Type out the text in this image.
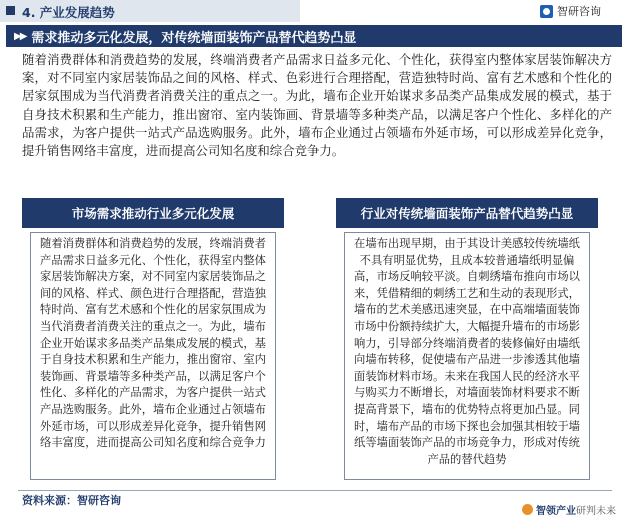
4. 产业发展趋势	智研咨询
▶▶ 需求推动多元化发展，对传统墙面装饰产品替代趋势凸显

随着消费群体和消费趋势的发展，终端消费者产品需求日益多元化、个性化，获得室内整体家居装饰解决方案，对不同室内家居装饰品之间的风格、样式、色彩进行合理搭配，营造独特时尚、富有艺术感和个性化的居家氛围成为当代消费者消费关注的重点之一。为此，墙布企业开始谋求多品类产品集成发展的模式，基于自身技术积累和生产能力，推出窗帘、室内装饰画、背景墙等多种类产品，以满足客户个性化、多样化的产品需求，为客户提供一站式产品选购服务。此外，墙布企业通过占领墙布外延市场，可以形成差异化竞争，提升销售网络丰富度，进而提高公司知名度和综合竞争力。

市场需求推动行业多元化发展	行业对传统墙面装饰产品替代趋势凸显
随着消费群体和消费趋势的发展，终端消费者产品需求日益多元化、个性化，获得室内整体家居装饰解决方案，对不同室内家居装饰品之间的风格、样式、颜色进行合理搭配，营造独特时尚、富有艺术感和个性化的居家氛围成为当代消费者消费关注的重点之一。为此，墙布企业开始谋求多品类产品集成发展的模式，基于自身技术积累和生产能力，推出窗帘、室内装饰画、背景墙等多种类产品，以满足客户个性化、多样化的产品需求，为客户提供一站式产品选购服务。此外，墙布企业通过占领墙布外延市场，可以形成差异化竞争，提升销售网络丰富度，进而提高公司知名度和综合竞争力
在墙布出现早期，由于其设计美感较传统墙纸不具有明显优势，且成本较普通墙纸明显偏高，市场反响较平淡。自刺绣墙布推向市场以来，凭借精细的刺绣工艺和生动的表现形式，墙布的艺术美感迅速突显，在中高端墙面装饰市场中份额持续扩大，大幅提升墙布的市场影响力，引导部分终端消费者的装修偏好由墙纸向墙布转移，促使墙布产品进一步渗透其他墙面装饰材料市场。未来在我国人民的经济水平与购买力不断增长，对墙面装饰材料要求不断提高背景下，墙布的优势特点将更加凸显。同时，墙布产品的市场下探也会加强其相较于墙纸等墙面装饰产品的市场竞争力，形成对传统产品的替代趋势
资料来源：智研咨询
智领产业 研判未来
